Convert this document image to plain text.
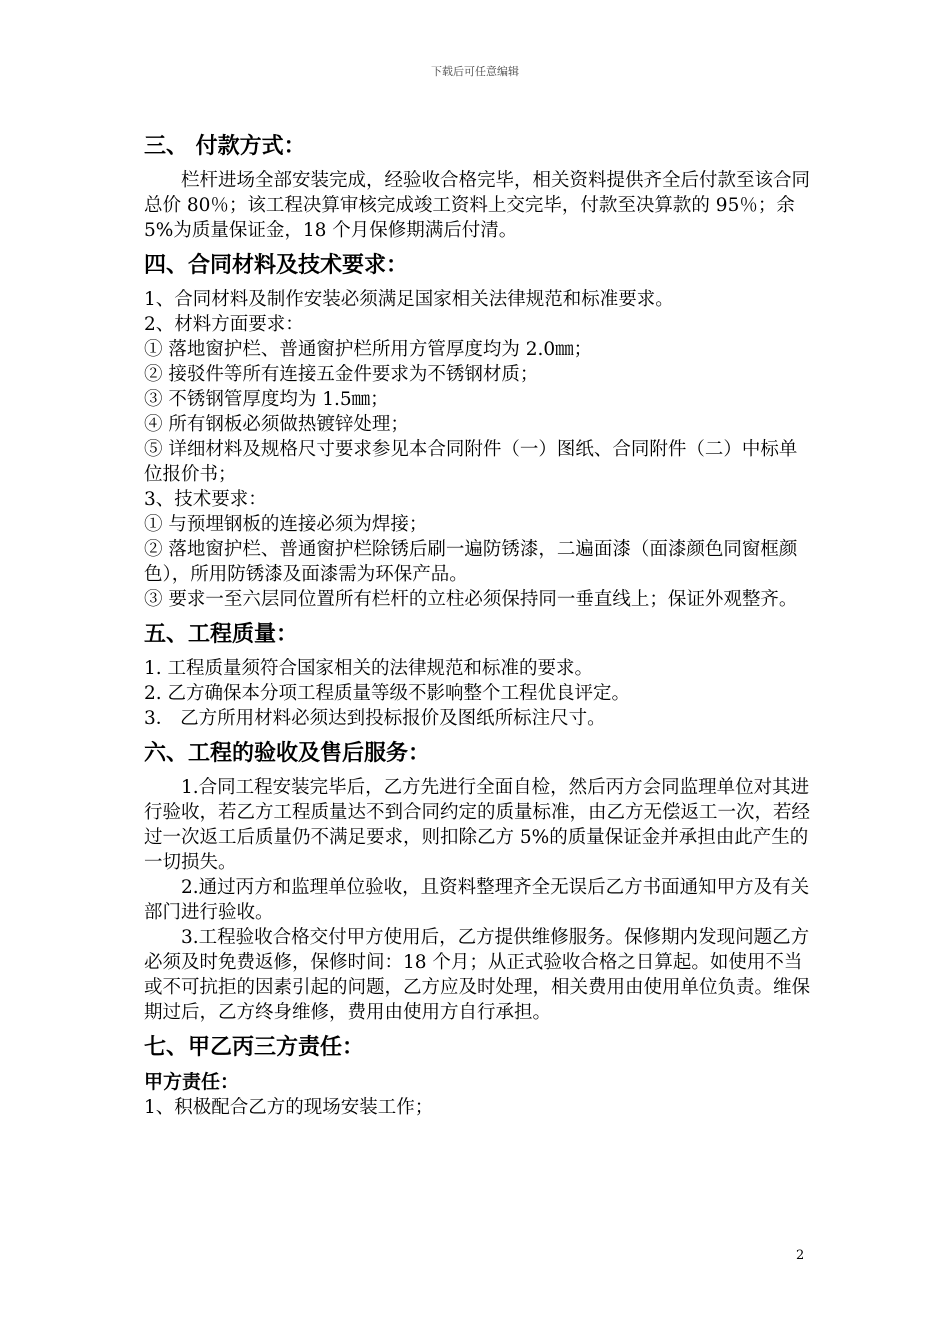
下载后可任意编辑
三、 付款方式：

栏杆进场全部安装完成，经验收合格完毕，相关资料提供齐全后付款至该合同总价 80％；该工程决算审核完成竣工资料上交完毕，付款至决算款的 95％；余 5%为质量保证金，18 个月保修期满后付清。

四、合同材料及技术要求：

1、合同材料及制作安装必须满足国家相关法律规范和标准要求。

2、材料方面要求：

① 落地窗护栏、普通窗护栏所用方管厚度均为 2.0㎜；

② 接驳件等所有连接五金件要求为不锈钢材质；

③ 不锈钢管厚度均为 1.5㎜；

④ 所有钢板必须做热镀锌处理；

⑤ 详细材料及规格尺寸要求参见本合同附件（一）图纸、合同附件（二）中标单位报价书；

3、技术要求：

① 与预埋钢板的连接必须为焊接；

② 落地窗护栏、普通窗护栏除锈后刷一遍防锈漆，二遍面漆（面漆颜色同窗框颜色），所用防锈漆及面漆需为环保产品。

③ 要求一至六层同位置所有栏杆的立柱必须保持同一垂直线上；保证外观整齐。

五、工程质量：

1. 工程质量须符合国家相关的法律规范和标准的要求。

2. 乙方确保本分项工程质量等级不影响整个工程优良评定。

3． 乙方所用材料必须达到投标报价及图纸所标注尺寸。

六、工程的验收及售后服务：

1.合同工程安装完毕后，乙方先进行全面自检，然后丙方会同监理单位对其进行验收，若乙方工程质量达不到合同约定的质量标准，由乙方无偿返工一次，若经过一次返工后质量仍不满足要求，则扣除乙方 5%的质量保证金并承担由此产生的一切损失。

2.通过丙方和监理单位验收，且资料整理齐全无误后乙方书面通知甲方及有关部门进行验收。

3.工程验收合格交付甲方使用后，乙方提供维修服务。保修期内发现问题乙方必须及时免费返修，保修时间：18 个月；从正式验收合格之日算起。如使用不当或不可抗拒的因素引起的问题，乙方应及时处理，相关费用由使用单位负责。维保期过后，乙方终身维修，费用由使用方自行承担。

七、甲乙丙三方责任：

甲方责任：

1、积极配合乙方的现场安装工作；

2
